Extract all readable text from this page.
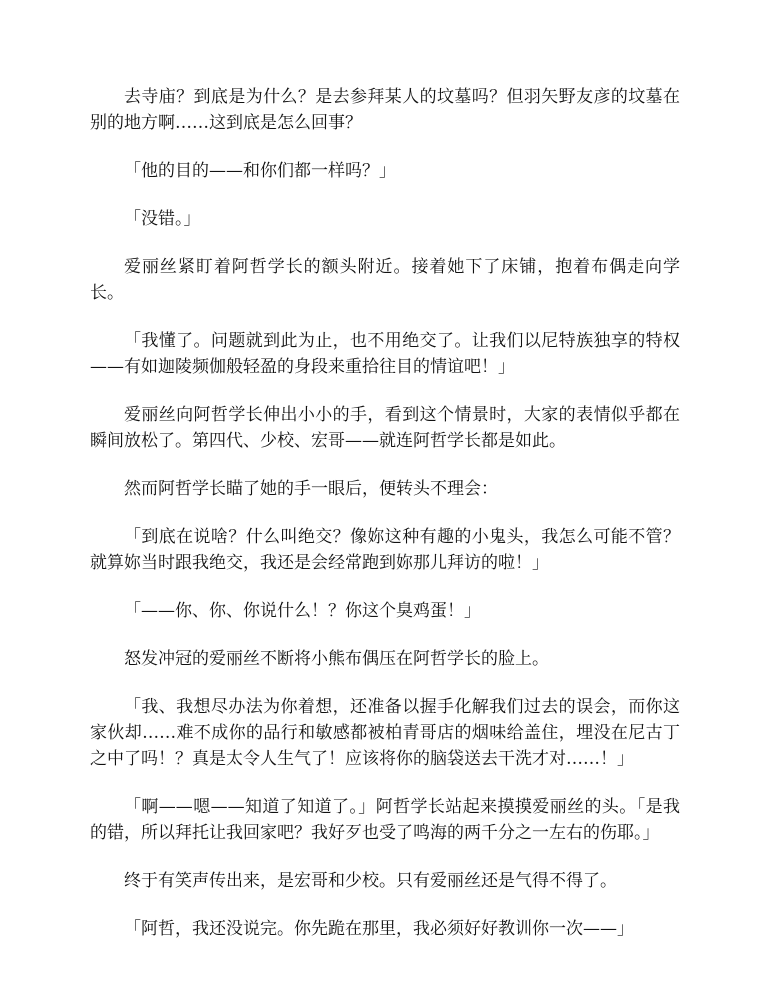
去寺庙？到底是为什么？是去参拜某人的坟墓吗？但羽矢野友彦的坟墓在别的地方啊……这到底是怎么回事？

「他的目的——和你们都一样吗？」

「没错。」

爱丽丝紧盯着阿哲学长的额头附近。接着她下了床铺，抱着布偶走向学长。

「我懂了。问题就到此为止，也不用绝交了。让我们以尼特族独享的特权——有如迦陵频伽般轻盈的身段来重拾往目的情谊吧！」

爱丽丝向阿哲学长伸出小小的手，看到这个情景时，大家的表情似乎都在瞬间放松了。第四代、少校、宏哥——就连阿哲学长都是如此。

然而阿哲学长瞄了她的手一眼后，便转头不理会：

「到底在说啥？什么叫绝交？像妳这种有趣的小鬼头，我怎么可能不管？就算妳当时跟我绝交，我还是会经常跑到妳那儿拜访的啦！」

「——你、你、你说什么！？你这个臭鸡蛋！」

怒发冲冠的爱丽丝不断将小熊布偶压在阿哲学长的脸上。

「我、我想尽办法为你着想，还准备以握手化解我们过去的误会，而你这家伙却……难不成你的品行和敏感都被柏青哥店的烟味给盖住，埋没在尼古丁之中了吗！？真是太令人生气了！应该将你的脑袋送去干洗才对……！」

「啊——嗯——知道了知道了。」阿哲学长站起来摸摸爱丽丝的头。「是我的错，所以拜托让我回家吧？我好歹也受了鸣海的两千分之一左右的伤耶。」

终于有笑声传出来，是宏哥和少校。只有爱丽丝还是气得不得了。

「阿哲，我还没说完。你先跪在那里，我必须好好教训你一次——」
